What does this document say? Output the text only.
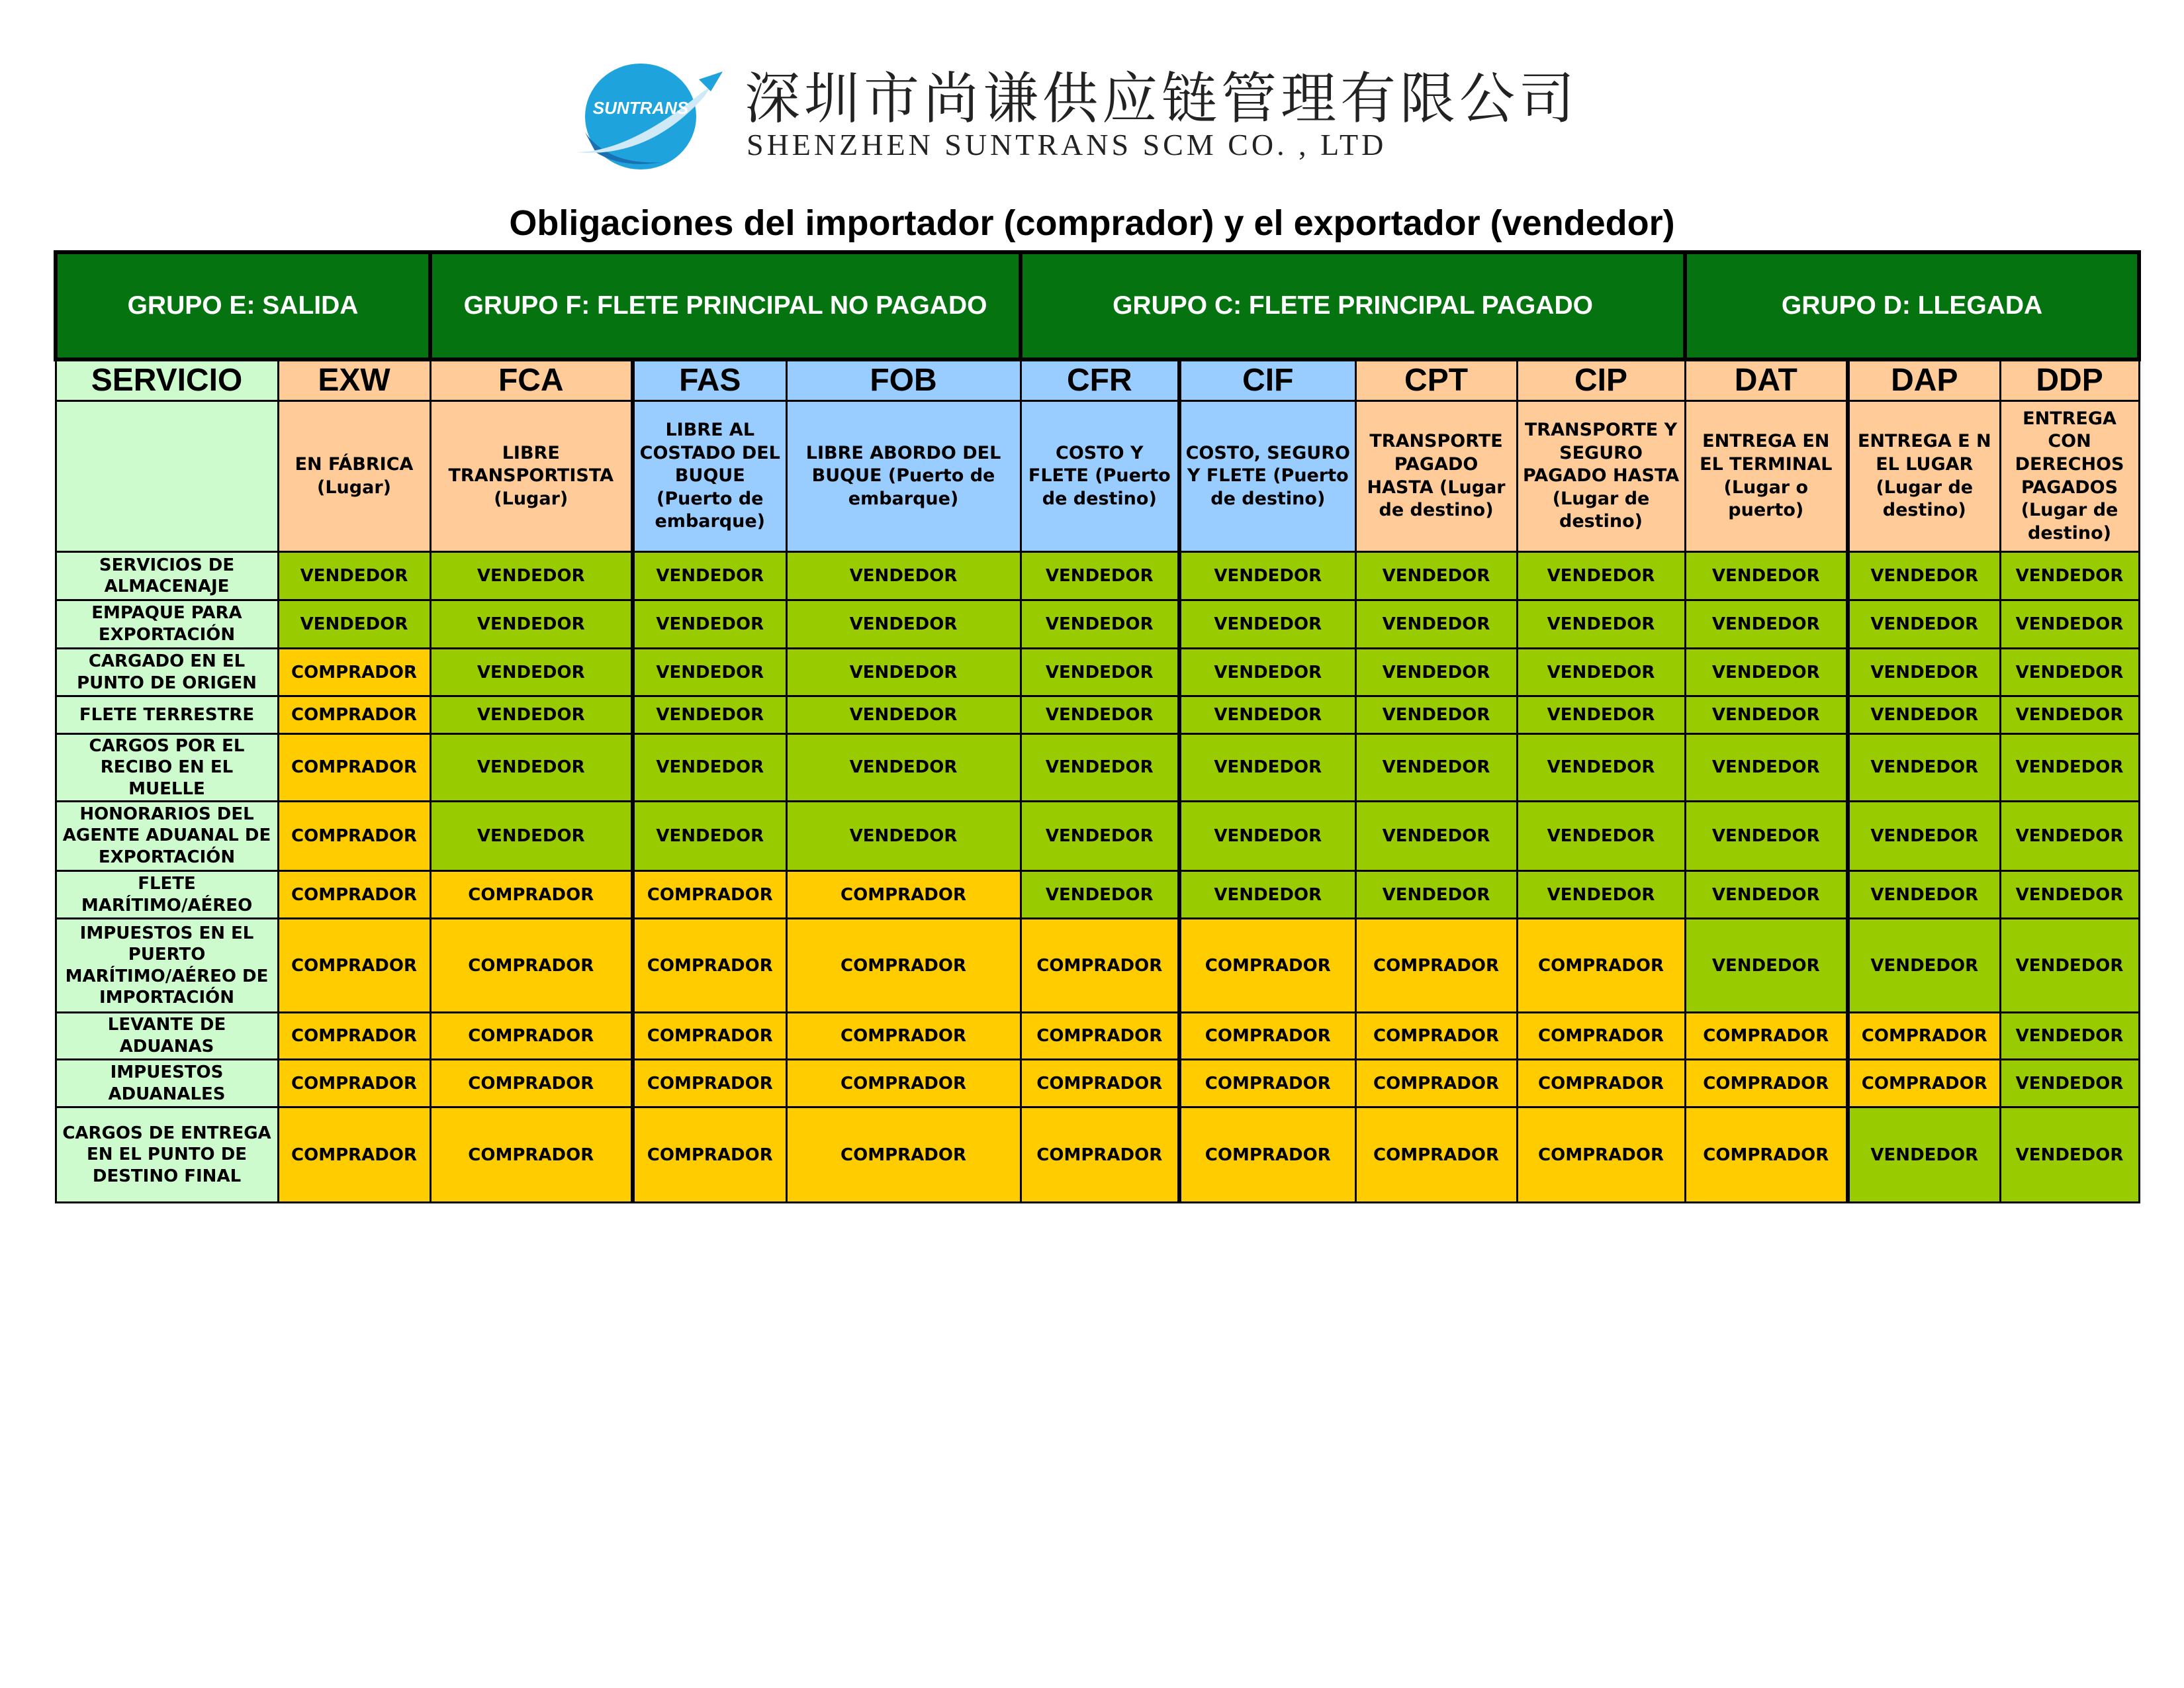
SUNTRANS 深圳市尚谦供应链管理有限公司
SHENZHEN SUNTRANS SCM CO. , LTD
Obligaciones del importador (comprador) y el exportador (vendedor)
GRUPO E: SALIDA		GRUPO F: FLETE PRINCIPAL NO PAGADO			GRUPO C: FLETE PRINCIPAL PAGADO				GRUPO D: LLEGADA		
SERVICIO	EXW	FCA	FAS	FOB	CFR	CIF	CPT	CIP	DAT	DAP	DDP
	EN FÁBRICA (Lugar)	LIBRE TRANSPORTISTA (Lugar)	LIBRE AL COSTADO DEL BUQUE (Puerto de embarque)	LIBRE ABORDO DEL BUQUE (Puerto de embarque)	COSTO Y FLETE (Puerto de destino)	COSTO, SEGURO Y FLETE (Puerto de destino)	TRANSPORTE PAGADO HASTA (Lugar de destino)	TRANSPORTE Y SEGURO PAGADO HASTA (Lugar de destino)	ENTREGA EN EL TERMINAL (Lugar o puerto)	ENTREGA E N EL LUGAR (Lugar de destino)	ENTREGA CON DERECHOS PAGADOS (Lugar de destino)
SERVICIOS DE ALMACENAJE	VENDEDOR	VENDEDOR	VENDEDOR	VENDEDOR	VENDEDOR	VENDEDOR	VENDEDOR	VENDEDOR	VENDEDOR	VENDEDOR	VENDEDOR
EMPAQUE PARA EXPORTACIÓN	VENDEDOR	VENDEDOR	VENDEDOR	VENDEDOR	VENDEDOR	VENDEDOR	VENDEDOR	VENDEDOR	VENDEDOR	VENDEDOR	VENDEDOR
CARGADO EN EL PUNTO DE ORIGEN	COMPRADOR	VENDEDOR	VENDEDOR	VENDEDOR	VENDEDOR	VENDEDOR	VENDEDOR	VENDEDOR	VENDEDOR	VENDEDOR	VENDEDOR
FLETE TERRESTRE	COMPRADOR	VENDEDOR	VENDEDOR	VENDEDOR	VENDEDOR	VENDEDOR	VENDEDOR	VENDEDOR	VENDEDOR	VENDEDOR	VENDEDOR
CARGOS POR EL RECIBO EN EL MUELLE	COMPRADOR	VENDEDOR	VENDEDOR	VENDEDOR	VENDEDOR	VENDEDOR	VENDEDOR	VENDEDOR	VENDEDOR	VENDEDOR	VENDEDOR
HONORARIOS DEL AGENTE ADUANAL DE EXPORTACIÓN	COMPRADOR	VENDEDOR	VENDEDOR	VENDEDOR	VENDEDOR	VENDEDOR	VENDEDOR	VENDEDOR	VENDEDOR	VENDEDOR	VENDEDOR
FLETE MARÍTIMO/AÉREO	COMPRADOR	COMPRADOR	COMPRADOR	COMPRADOR	VENDEDOR	VENDEDOR	VENDEDOR	VENDEDOR	VENDEDOR	VENDEDOR	VENDEDOR
IMPUESTOS EN EL PUERTO MARÍTIMO/AÉREO DE IMPORTACIÓN	COMPRADOR	COMPRADOR	COMPRADOR	COMPRADOR	COMPRADOR	COMPRADOR	COMPRADOR	COMPRADOR	VENDEDOR	VENDEDOR	VENDEDOR
LEVANTE DE ADUANAS	COMPRADOR	COMPRADOR	COMPRADOR	COMPRADOR	COMPRADOR	COMPRADOR	COMPRADOR	COMPRADOR	COMPRADOR	COMPRADOR	VENDEDOR
IMPUESTOS ADUANALES	COMPRADOR	COMPRADOR	COMPRADOR	COMPRADOR	COMPRADOR	COMPRADOR	COMPRADOR	COMPRADOR	COMPRADOR	COMPRADOR	VENDEDOR
CARGOS DE ENTREGA EN EL PUNTO DE DESTINO FINAL	COMPRADOR	COMPRADOR	COMPRADOR	COMPRADOR	COMPRADOR	COMPRADOR	COMPRADOR	COMPRADOR	COMPRADOR	VENDEDOR	VENDEDOR
